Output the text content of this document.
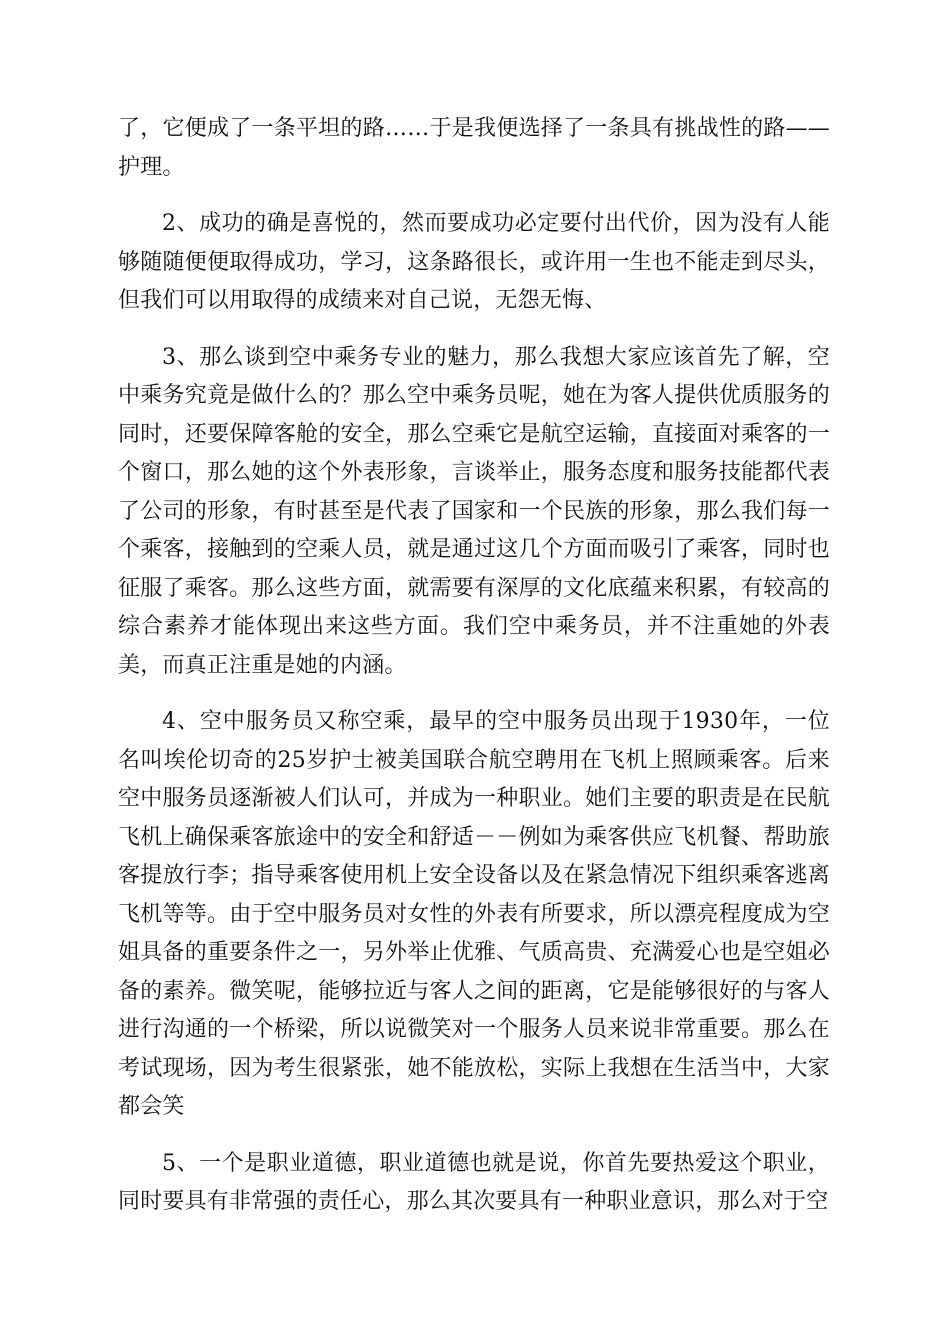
了，它便成了一条平坦的路……于是我便选择了一条具有挑战性的路——护理。

2、成功的确是喜悦的，然而要成功必定要付出代价，因为没有人能够随随便便取得成功，学习，这条路很长，或许用一生也不能走到尽头，但我们可以用取得的成绩来对自己说，无怨无悔、

3、那么谈到空中乘务专业的魅力，那么我想大家应该首先了解，空中乘务究竟是做什么的？那么空中乘务员呢，她在为客人提供优质服务的同时，还要保障客舱的安全，那么空乘它是航空运输，直接面对乘客的一个窗口，那么她的这个外表形象，言谈举止，服务态度和服务技能都代表了公司的形象，有时甚至是代表了国家和一个民族的形象，那么我们每一个乘客，接触到的空乘人员，就是通过这几个方面而吸引了乘客，同时也征服了乘客。那么这些方面，就需要有深厚的文化底蕴来积累，有较高的综合素养才能体现出来这些方面。我们空中乘务员，并不注重她的外表美，而真正注重是她的内涵。

4、空中服务员又称空乘，最早的空中服务员出现于1930年，一位名叫埃伦切奇的25岁护士被美国联合航空聘用在飞机上照顾乘客。后来空中服务员逐渐被人们认可，并成为一种职业。她们主要的职责是在民航飞机上确保乘客旅途中的安全和舒适－－例如为乘客供应飞机餐、帮助旅客提放行李；指导乘客使用机上安全设备以及在紧急情况下组织乘客逃离飞机等等。由于空中服务员对女性的外表有所要求，所以漂亮程度成为空姐具备的重要条件之一，另外举止优雅、气质高贵、充满爱心也是空姐必备的素养。微笑呢，能够拉近与客人之间的距离，它是能够很好的与客人进行沟通的一个桥梁，所以说微笑对一个服务人员来说非常重要。那么在考试现场，因为考生很紧张，她不能放松，实际上我想在生活当中，大家都会笑

5、一个是职业道德，职业道德也就是说，你首先要热爱这个职业，同时要具有非常强的责任心，那么其次要具有一种职业意识，那么对于空
